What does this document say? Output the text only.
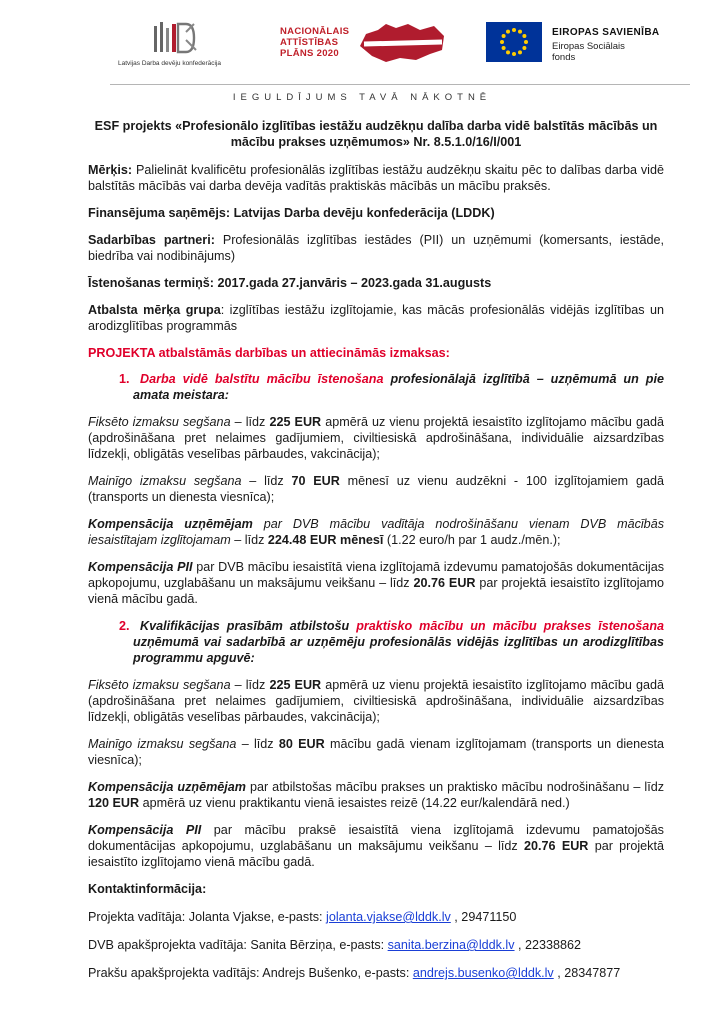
Latvijas Darba devēju konfederācija
NACIONĀLAIS
ATTĪSTĪBAS
PLĀNS 2020
EIROPAS SAVIENĪBA
Eiropas Sociālais
fonds
IEGULDĪJUMS TAVĀ NĀKOTNĒ

ESF projekts «Profesionālo izglītības iestāžu audzēkņu dalība darba vidē balstītās mācībās un mācību prakses uzņēmumos» Nr. 8.5.1.0/16/I/001

Mērķis: Palielināt kvalificētu profesionālās izglītības iestāžu audzēkņu skaitu pēc to dalības darba vidē balstītās mācībās vai darba devēja vadītās praktiskās mācībās un mācību praksēs.

Finansējuma saņēmējs: Latvijas Darba devēju konfederācija (LDDK)

Sadarbības partneri: Profesionālās izglītības iestādes (PII) un uzņēmumi (komersants, iestāde, biedrība vai nodibinājums)

Īstenošanas termiņš: 2017.gada 27.janvāris – 2023.gada 31.augusts

Atbalsta mērķa grupa: izglītības iestāžu izglītojamie, kas mācās profesionālās vidējās izglītības un arodizglītības programmās

PROJEKTA atbalstāmās darbības un attiecināmās izmaksas:

1. Darba vidē balstītu mācību īstenošana profesionālajā izglītībā – uzņēmumā un pie amata meistara:

Fiksēto izmaksu segšana – līdz 225 EUR apmērā uz vienu projektā iesaistīto izglītojamo mācību gadā (apdrošināšana pret nelaimes gadījumiem, civiltiesiskā apdrošināšana, individuālie aizsardzības līdzekļi, obligātās veselības pārbaudes, vakcinācija);

Mainīgo izmaksu segšana – līdz 70 EUR mēnesī uz vienu audzēkni - 100 izglītojamiem gadā (transports un dienesta viesnīca);

Kompensācija uzņēmējam par DVB mācību vadītāja nodrošināšanu vienam DVB mācībās iesaistītajam izglītojamam – līdz 224.48 EUR mēnesī (1.22 euro/h par 1 audz./mēn.);

Kompensācija PII par DVB mācību iesaistītā viena izglītojamā izdevumu pamatojošās dokumentācijas apkopojumu, uzglabāšanu un maksājumu veikšanu – līdz 20.76 EUR par projektā iesaistīto izglītojamo vienā mācību gadā.

2. Kvalifikācijas prasībām atbilstošu praktisko mācību un mācību prakses īstenošana uzņēmumā vai sadarbībā ar uzņēmēju profesionālās vidējās izglītības un arodizglītības programmu apguvē:

Fiksēto izmaksu segšana – līdz 225 EUR apmērā uz vienu projektā iesaistīto izglītojamo mācību gadā (apdrošināšana pret nelaimes gadījumiem, civiltiesiskā apdrošināšana, individuālie aizsardzības līdzekļi, obligātās veselības pārbaudes, vakcinācija);

Mainīgo izmaksu segšana – līdz 80 EUR mācību gadā vienam izglītojamam (transports un dienesta viesnīca);

Kompensācija uzņēmējam par atbilstošas mācību prakses un praktisko mācību nodrošināšanu – līdz 120 EUR apmērā uz vienu praktikantu vienā iesaistes reizē (14.22 eur/kalendārā ned.)

Kompensācija PII par mācību praksē iesaistītā viena izglītojamā izdevumu pamatojošās dokumentācijas apkopojumu, uzglabāšanu un maksājumu veikšanu – līdz 20.76 EUR par projektā iesaistīto izglītojamo vienā mācību gadā.

Kontaktinformācija:

Projekta vadītāja: Jolanta Vjakse, e-pasts: jolanta.vjakse@lddk.lv , 29471150

DVB apakšprojekta vadītāja: Sanita Bērziņa, e-pasts: sanita.berzina@lddk.lv , 22338862

Prakšu apakšprojekta vadītājs: Andrejs Bušenko, e-pasts: andrejs.busenko@lddk.lv , 28347877
